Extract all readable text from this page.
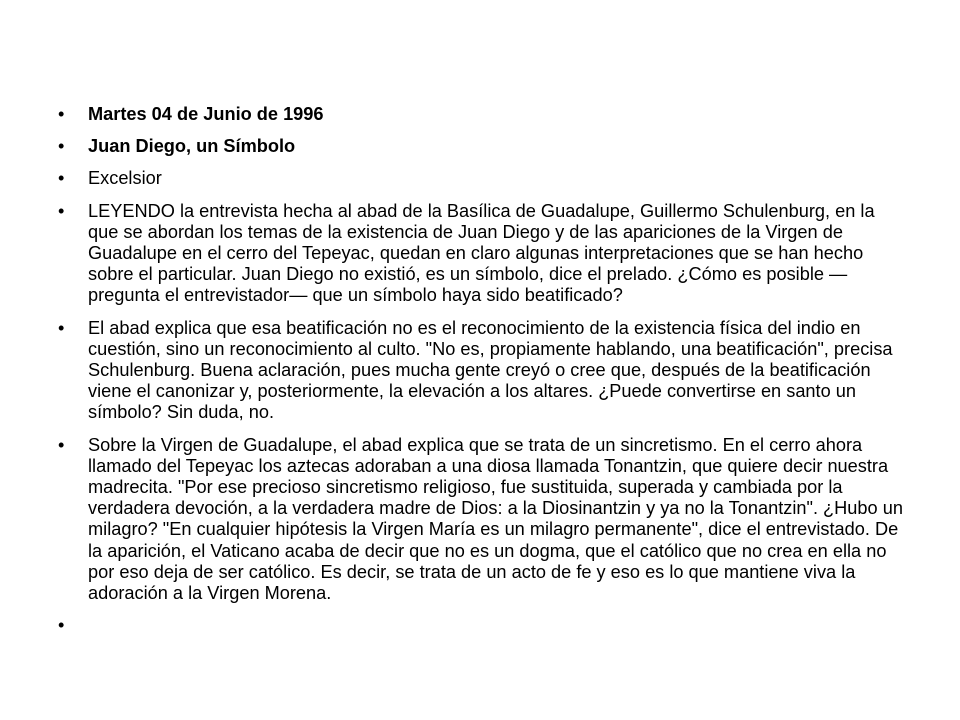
•	Martes 04 de Junio de 1996
•	Juan Diego, un Símbolo
•	Excelsior
•	LEYENDO la entrevista hecha al abad de la Basílica de Guadalupe, Guillermo Schulenburg, en la que se abordan los temas de la existencia de Juan Diego y de las apariciones de la Virgen de Guadalupe en el cerro del Tepeyac, quedan en claro algunas interpretaciones que se han hecho sobre el particular. Juan Diego no existió, es un símbolo, dice el prelado. ¿Cómo es posible —pregunta el entrevistador— que un símbolo haya sido beatificado?
•	El abad explica que esa beatificación no es el reconocimiento de la existencia física del indio en cuestión, sino un reconocimiento al culto. "No es, propiamente hablando, una beatificación", precisa Schulenburg. Buena aclaración, pues mucha gente creyó o cree que, después de la beatificación viene el canonizar y, posteriormente, la elevación a los altares. ¿Puede convertirse en santo un símbolo? Sin duda, no.
•	Sobre la Virgen de Guadalupe, el abad explica que se trata de un sincretismo. En el cerro ahora llamado del Tepeyac los aztecas adoraban a una diosa llamada Tonantzin, que quiere decir nuestra madrecita. "Por ese precioso sincretismo religioso, fue sustituida, superada y cambiada por la verdadera devoción, a la verdadera madre de Dios: a la Diosinantzin y ya no la Tonantzin". ¿Hubo un milagro? "En cualquier hipótesis la Virgen María es un milagro permanente", dice el entrevistado. De la aparición, el Vaticano acaba de decir que no es un dogma, que el católico que no crea en ella no por eso deja de ser católico. Es decir, se trata de un acto de fe y eso es lo que mantiene viva la adoración a la Virgen Morena.
•
